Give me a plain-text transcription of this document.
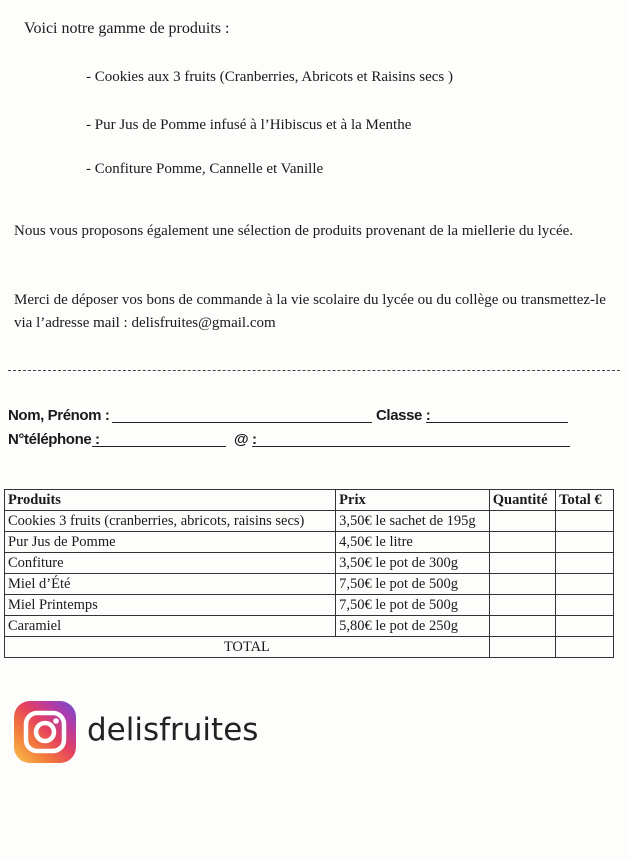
Voici notre gamme de produits :
- Cookies aux 3 fruits (Cranberries, Abricots et Raisins secs )
- Pur Jus de Pomme infusé à l’Hibiscus et à la Menthe
- Confiture Pomme, Cannelle et Vanille
Nous vous proposons également une sélection de produits provenant de la miellerie du lycée.
Merci de déposer vos bons de commande à la vie scolaire du lycée ou du collège ou transmettez-le via l’adresse mail : delisfruites@gmail.com
Nom, Prénom :	Classe :
N°téléphone :	@ :
Produits	Prix	Quantité	Total €
Cookies 3 fruits (cranberries, abricots, raisins secs)	3,50€ le sachet de 195g		
Pur Jus de Pomme	4,50€ le litre		
Confiture	3,50€ le pot de 300g		
Miel d’Été	7,50€ le pot de 500g		
Miel Printemps	7,50€ le pot de 500g		
Caramiel	5,80€ le pot de 250g		
TOTAL			
delisfruites
